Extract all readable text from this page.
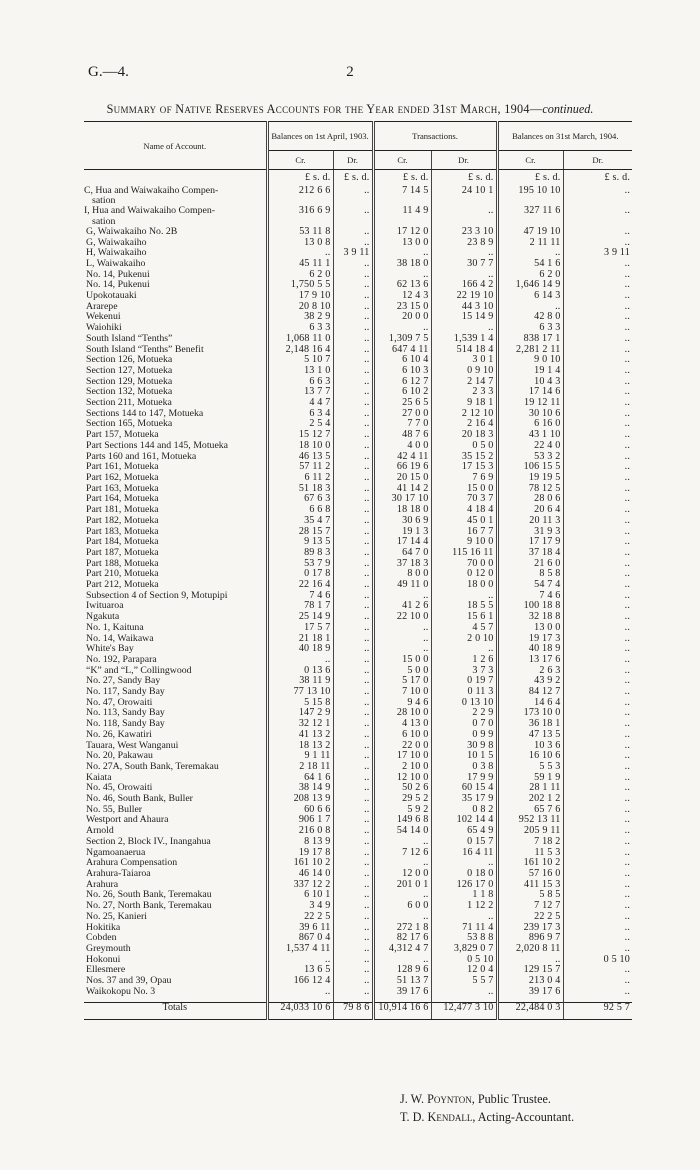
G.—4.	2
Summary of Native Reserves Accounts for the Year ended 31st March, 1904—continued.
Name of Account.	Balances on 1st April, 1903.		Transactions.		Balances on 31st March, 1904.	
	Cr.	Dr.	Cr.	Dr.	Cr.	Dr.

	£ s. d.	£ s. d.	£ s. d.	£ s. d.	£ s. d.	£ s. d.
C, Hua and Waiwakaiho Compen-
sation	212 6 6	..	7 14 5	24 10 1	195 10 10	..
I, Hua and Waiwakaiho Compen-
sation	316 6 9	..	11 4 9	..	327 11 6	..
G, Waiwakaiho No. 2B	53 11 8	..	17 12 0	23 3 10	47 19 10	..
G, Waiwakaiho	13 0 8	..	13 0 0	23 8 9	2 11 11	..
H, Waiwakaiho	..	3 9 11	..	..	..	3 9 11
L, Waiwakaiho	45 11 1	..	38 18 0	30 7 7	54 1 6	..
No. 14, Pukenui	6 2 0	..	..	..	6 2 0	..
No. 14, Pukenui	1,750 5 5	..	62 13 6	166 4 2	1,646 14 9	..
Upokotauaki	17 9 10	..	12 4 3	22 19 10	6 14 3	..
Ararepe	20 8 10	..	23 15 0	44 3 10	..	..
Wekenui	38 2 9	..	20 0 0	15 14 9	42 8 0	..
Waiohiki	6 3 3	..	..	..	6 3 3	..
South Island “Tenths”	1,068 11 0	..	1,309 7 5	1,539 1 4	838 17 1	..
South Island “Tenths” Benefit	2,148 16 4	..	647 4 11	514 18 4	2,281 2 11	..
Section 126, Motueka	5 10 7	..	6 10 4	3 0 1	9 0 10	..
Section 127, Motueka	13 1 0	..	6 10 3	0 9 10	19 1 4	..
Section 129, Motueka	6 6 3	..	6 12 7	2 14 7	10 4 3	..
Section 132, Motueka	13 7 7	..	6 10 2	2 3 3	17 14 6	..
Section 211, Motueka	4 4 7	..	25 6 5	9 18 1	19 12 11	..
Sections 144 to 147, Motueka	6 3 4	..	27 0 0	2 12 10	30 10 6	..
Section 165, Motueka	2 5 4	..	7 7 0	2 16 4	6 16 0	..
Part 157, Motueka	15 12 7	..	48 7 6	20 18 3	43 1 10	..
Part Sections 144 and 145, Motueka	18 10 0	..	4 0 0	0 5 0	22 4 0	..
Parts 160 and 161, Motueka	46 13 5	..	42 4 11	35 15 2	53 3 2	..
Part 161, Motueka	57 11 2	..	66 19 6	17 15 3	106 15 5	..
Part 162, Motueka	6 11 2	..	20 15 0	7 6 9	19 19 5	..
Part 163, Motueka	51 18 3	..	41 14 2	15 0 0	78 12 5	..
Part 164, Motueka	67 6 3	..	30 17 10	70 3 7	28 0 6	..
Part 181, Motueka	6 6 8	..	18 18 0	4 18 4	20 6 4	..
Part 182, Motueka	35 4 7	..	30 6 9	45 0 1	20 11 3	..
Part 183, Motueka	28 15 7	..	19 1 3	16 7 7	31 9 3	..
Part 184, Motueka	9 13 5	..	17 14 4	9 10 0	17 17 9	..
Part 187, Motueka	89 8 3	..	64 7 0	115 16 11	37 18 4	..
Part 188, Motueka	53 7 9	..	37 18 3	70 0 0	21 6 0	..
Part 210, Motueka	0 17 8	..	8 0 0	0 12 0	8 5 8	..
Part 212, Motueka	22 16 4	..	49 11 0	18 0 0	54 7 4	..
Subsection 4 of Section 9, Motupipi	7 4 6	..	..	..	7 4 6	..
Iwituaroa	78 1 7	..	41 2 6	18 5 5	100 18 8	..
Ngakuta	25 14 9	..	22 10 0	15 6 1	32 18 8	..
No. 1, Kaituna	17 5 7	..	..	4 5 7	13 0 0	..
No. 14, Waikawa	21 18 1	..	..	2 0 10	19 17 3	..
White's Bay	40 18 9	..	..	..	40 18 9	..
No. 192, Parapara	..	..	15 0 0	1 2 6	13 17 6	..
“K” and “L,” Collingwood	0 13 6	..	5 0 0	3 7 3	2 6 3	..
No. 27, Sandy Bay	38 11 9	..	5 17 0	0 19 7	43 9 2	..
No. 117, Sandy Bay	77 13 10	..	7 10 0	0 11 3	84 12 7	..
No. 47, Orowaiti	5 15 8	..	9 4 6	0 13 10	14 6 4	..
No. 113, Sandy Bay	147 2 9	..	28 10 0	2 2 9	173 10 0	..
No. 118, Sandy Bay	32 12 1	..	4 13 0	0 7 0	36 18 1	..
No. 26, Kawatiri	41 13 2	..	6 10 0	0 9 9	47 13 5	..
Tauara, West Wanganui	18 13 2	..	22 0 0	30 9 8	10 3 6	..
No. 20, Pakawau	9 1 11	..	17 10 0	10 1 5	16 10 6	..
No. 27A, South Bank, Teremakau	2 18 11	..	2 10 0	0 3 8	5 5 3	..
Kaiata	64 1 6	..	12 10 0	17 9 9	59 1 9	..
No. 45, Orowaiti	38 14 9	..	50 2 6	60 15 4	28 1 11	..
No. 46, South Bank, Buller	208 13 9	..	29 5 2	35 17 9	202 1 2	..
No. 55, Buller	60 6 6	..	5 9 2	0 8 2	65 7 6	..
Westport and Ahaura	906 1 7	..	149 6 8	102 14 4	952 13 11	..
Arnold	216 0 8	..	54 14 0	65 4 9	205 9 11	..
Section 2, Block IV., Inangahua	8 13 9	..	..	0 15 7	7 18 2	..
Ngamoanaerua	19 17 8	..	7 12 6	16 4 11	11 5 3	..
Arahura Compensation	161 10 2	..	..	..	161 10 2	..
Arahura-Taiaroa	46 14 0	..	12 0 0	0 18 0	57 16 0	..
Arahura	337 12 2	..	201 0 1	126 17 0	411 15 3	..
No. 26, South Bank, Teremakau	6 10 1	..	..	1 1 8	5 8 5	..
No. 27, North Bank, Teremakau	3 4 9	..	6 0 0	1 12 2	7 12 7	..
No. 25, Kanieri	22 2 5	..	..	..	22 2 5	..
Hokitika	39 6 11	..	272 1 8	71 11 4	239 17 3	..
Cobden	867 0 4	..	82 17 6	53 8 8	896 9 7	..
Greymouth	1,537 4 11	..	4,312 4 7	3,829 0 7	2,020 8 11	..
Hokonui	..	..	..	0 5 10	..	0 5 10
Ellesmere	13 6 5	..	128 9 6	12 0 4	129 15 7	..
Nos. 37 and 39, Opau	166 12 4	..	51 13 7	5 5 7	213 0 4	..
Waikokopu No. 3	..	..	39 17 6	..	39 17 6	..

Totals	24,033 10 6	79 8 6	10,914 16 6	12,477 3 10	22,484 0 3	92 5 7
J. W. Poynton, Public Trustee.
T. D. Kendall, Acting-Accountant.
